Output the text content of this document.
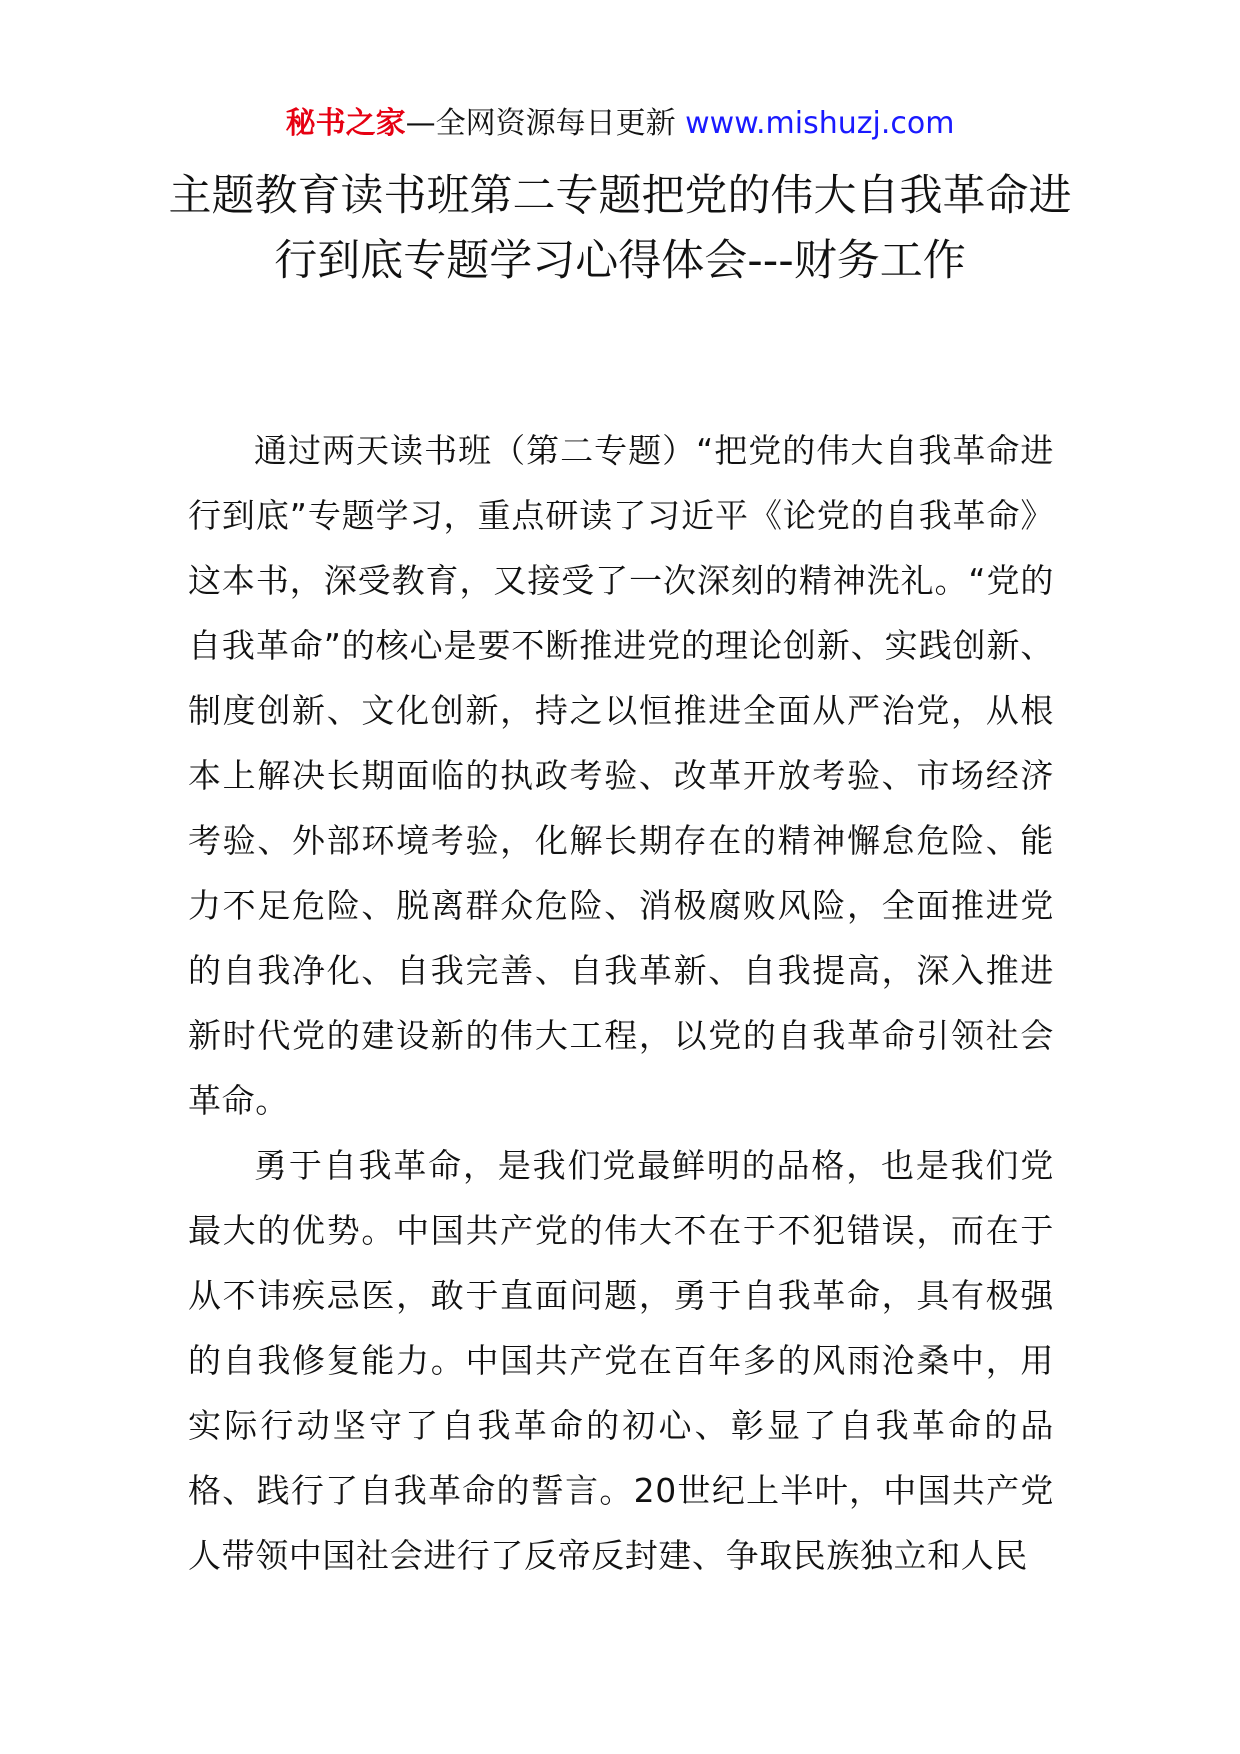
秘书之家—全网资源每日更新 www.mishuzj.com
主题教育读书班第二专题把党的伟大自我革命进行到底专题学习心得体会---财务工作

通过两天读书班（第二专题）“把党的伟大自我革命进行到底”专题学习，重点研读了习近平《论党的自我革命》这本书，深受教育，又接受了一次深刻的精神洗礼。“党的自我革命”的核心是要不断推进党的理论创新、实践创新、制度创新、文化创新，持之以恒推进全面从严治党，从根本上解决长期面临的执政考验、改革开放考验、市场经济考验、外部环境考验，化解长期存在的精神懈怠危险、能力不足危险、脱离群众危险、消极腐败风险，全面推进党的自我净化、自我完善、自我革新、自我提高，深入推进新时代党的建设新的伟大工程，以党的自我革命引领社会革命。

勇于自我革命，是我们党最鲜明的品格，也是我们党最大的优势。中国共产党的伟大不在于不犯错误，而在于从不讳疾忌医，敢于直面问题，勇于自我革命，具有极强的自我修复能力。中国共产党在百年多的风雨沧桑中，用实际行动坚守了自我革命的初心、彰显了自我革命的品格、践行了自我革命的誓言。20世纪上半叶，中国共产党人带领中国社会进行了反帝反封建、争取民族独立和人民
